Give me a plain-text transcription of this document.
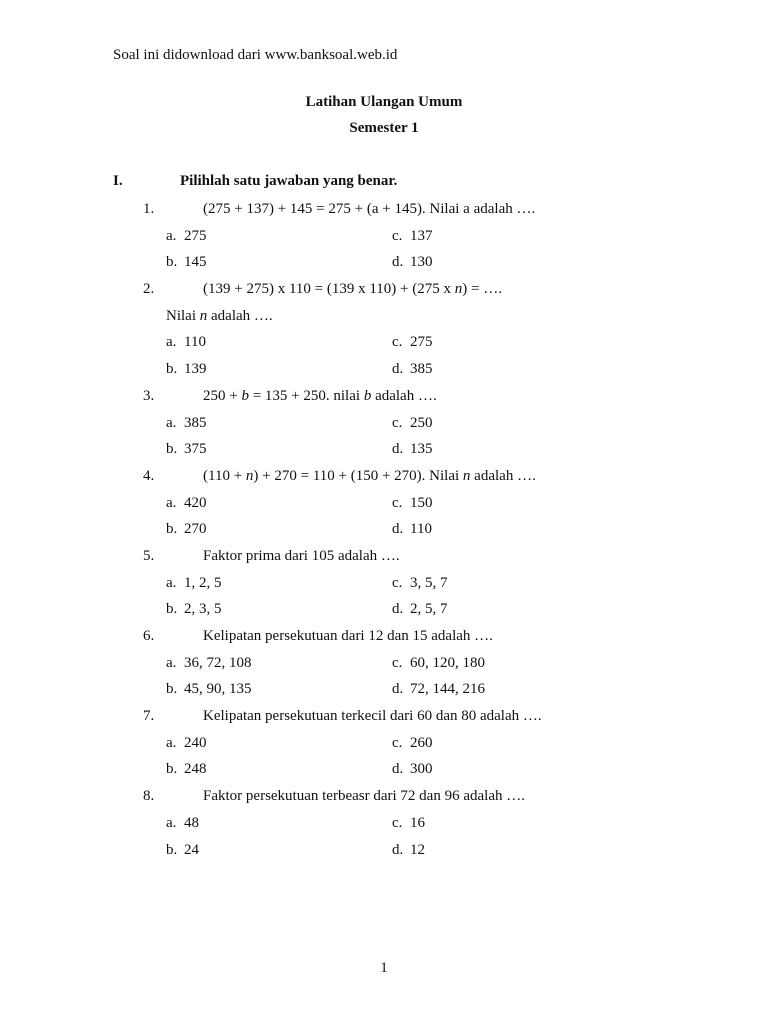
Soal ini didownload dari www.banksoal.web.id
Latihan Ulangan Umum
Semester 1
I.	Pilihlah satu jawaban yang benar.
1.	(275 + 137) + 145 = 275 + (a + 145). Nilai a adalah ….
a. 275	c. 137
b. 145	d. 130
2.	(139 + 275) x 110 = (139 x 110) + (275 x n) = ….
Nilai n adalah ….
a. 110	c. 275
b. 139	d. 385
3.	250 + b = 135 + 250. nilai b adalah ….
a. 385	c. 250
b. 375	d. 135
4.	(110 + n) + 270 = 110 + (150 + 270). Nilai n adalah ….
a. 420	c. 150
b. 270	d. 110
5.	Faktor prima dari 105 adalah ….
a. 1, 2, 5	c. 3, 5, 7
b. 2, 3, 5	d. 2, 5, 7
6.	Kelipatan persekutuan dari 12 dan 15 adalah ….
a. 36, 72, 108	c. 60, 120, 180
b. 45, 90, 135	d. 72, 144, 216
7.	Kelipatan persekutuan terkecil dari 60 dan 80 adalah ….
a. 240	c. 260
b. 248	d. 300
8.	Faktor persekutuan terbeasr dari 72 dan 96 adalah ….
a. 48	c. 16
b. 24	d. 12
1
